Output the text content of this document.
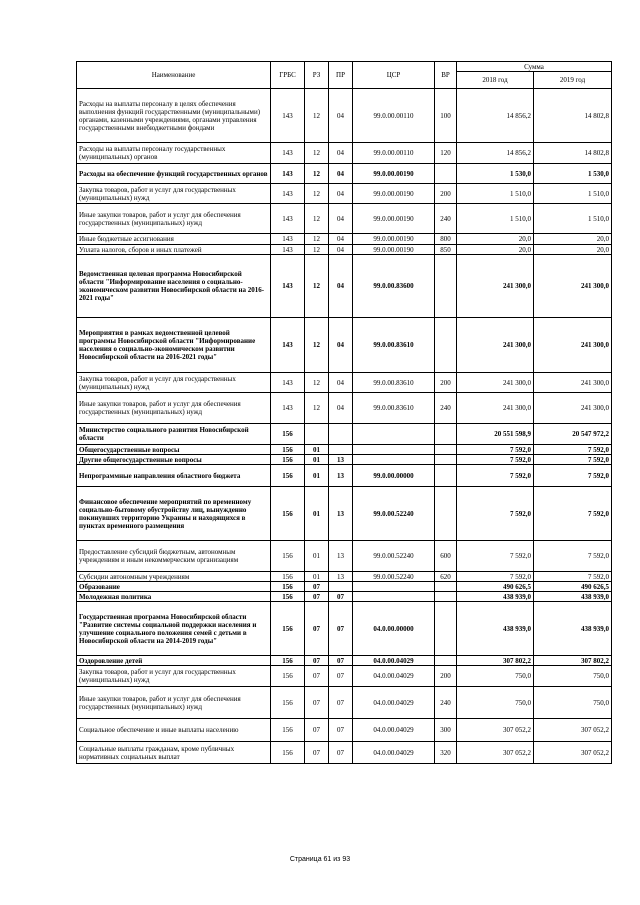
Наименование	ГРБС	РЗ	ПР	ЦСР	ВР	Сумма	
						2018 год	2019 год
Расходы на выплаты персоналу в целях обеспечения выполнения функций государственными (муниципальными) органами, казенными учреждениями, органами управления государственными внебюджетными фондами	143	12	04	99.0.00.00110	100	14 856,2	14 802,8
Расходы на выплаты персоналу государственных (муниципальных) органов	143	12	04	99.0.00.00110	120	14 856,2	14 802,8
Расходы на обеспечение функций государственных органов	143	12	04	99.0.00.00190		1 530,0	1 530,0
Закупка товаров, работ и услуг для государственных (муниципальных) нужд	143	12	04	99.0.00.00190	200	1 510,0	1 510,0
Иные закупки товаров, работ и услуг для обеспечения государственных (муниципальных) нужд	143	12	04	99.0.00.00190	240	1 510,0	1 510,0
Иные бюджетные ассигнования	143	12	04	99.0.00.00190	800	20,0	20,0
Уплата налогов, сборов и иных платежей	143	12	04	99.0.00.00190	850	20,0	20,0
Ведомственная целевая программа Новосибирской области "Информирование населения о социально-экономическом развитии Новосибирской области на 2016-2021 годы"	143	12	04	99.0.00.83600		241 300,0	241 300,0
Мероприятия в рамках ведомственной целевой программы Новосибирской области "Информирование населения о социально-экономическом развитии Новосибирской области на 2016-2021 годы"	143	12	04	99.0.00.83610		241 300,0	241 300,0
Закупка товаров, работ и услуг для государственных (муниципальных) нужд	143	12	04	99.0.00.83610	200	241 300,0	241 300,0
Иные закупки товаров, работ и услуг для обеспечения государственных (муниципальных) нужд	143	12	04	99.0.00.83610	240	241 300,0	241 300,0
Министерство социального развития Новосибирской области	156					20 551 598,9	20 547 972,2
Общегосударственные вопросы	156	01				7 592,0	7 592,0
Другие общегосударственные вопросы	156	01	13			7 592,0	7 592,0
Непрограммные направления областного бюджета	156	01	13	99.0.00.00000		7 592,0	7 592,0
Финансовое обеспечение мероприятий по временному социально-бытовому обустройству лиц, вынужденно покинувших территорию Украины и находящихся в пунктах временного размещения	156	01	13	99.0.00.52240		7 592,0	7 592,0
Предоставление субсидий бюджетным, автономным учреждениям и иным некоммерческим организациям	156	01	13	99.0.00.52240	600	7 592,0	7 592,0
Субсидии автономным учреждениям	156	01	13	99.0.00.52240	620	7 592,0	7 592,0
Образование	156	07				490 626,5	490 626,5
Молодежная политика	156	07	07			438 939,0	438 939,0
Государственная программа Новосибирской области "Развитие системы социальной поддержки населения и улучшение социального положения семей с детьми в Новосибирской области на 2014-2019 годы"	156	07	07	04.0.00.00000		438 939,0	438 939,0
Оздоровление детей	156	07	07	04.0.00.04029		307 802,2	307 802,2
Закупка товаров, работ и услуг для государственных (муниципальных) нужд	156	07	07	04.0.00.04029	200	750,0	750,0
Иные закупки товаров, работ и услуг для обеспечения государственных (муниципальных) нужд	156	07	07	04.0.00.04029	240	750,0	750,0
Социальное обеспечение и иные выплаты населению	156	07	07	04.0.00.04029	300	307 052,2	307 052,2
Социальные выплаты гражданам, кроме публичных нормативных социальных выплат	156	07	07	04.0.00.04029	320	307 052,2	307 052,2
Страница 61 из 93
